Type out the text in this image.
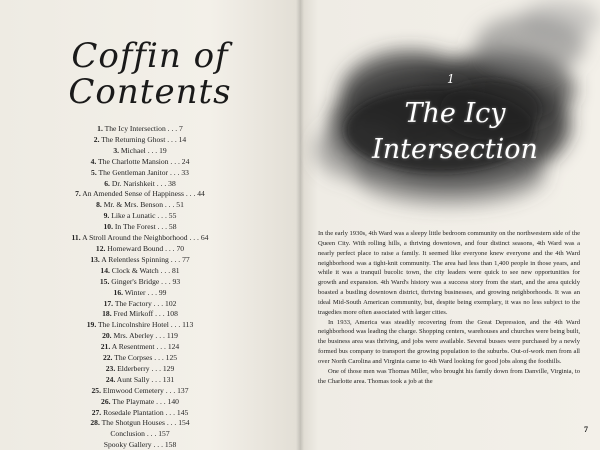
Coffin of
Contents
1. The Icy Intersection . . . 7
2. The Returning Ghost . . . 14
3. Michael . . . 19
4. The Charlotte Mansion . . . 24
5. The Gentleman Janitor . . . 33
6. Dr. Narishkeit . . . 38
7. An Amended Sense of Happiness . . . 44
8. Mr. & Mrs. Benson . . . 51
9. Like a Lunatic . . . 55
10. In The Forest . . . 58
11. A Stroll Around the Neighborhood . . . 64
12. Homeward Bound . . . 70
13. A Relentless Spinning . . . 77
14. Clock & Watch . . . 81
15. Ginger's Bridge . . . 93
16. Winter . . . 99
17. The Factory . . . 102
18. Fred Mirkoff . . . 108
19. The Lincolnshire Hotel . . . 113
20. Mrs. Aberley . . . 119
21. A Resentment . . . 124
22. The Corpses . . . 125
23. Elderberry . . . 129
24. Aunt Sally . . . 131
25. Elmwood Cemetery . . . 137
26. The Playmate . . . 140
27. Rosedale Plantation . . . 145
28. The Shotgun Houses . . . 154
Conclusion . . . 157
Spooky Gallery . . . 158
1
The Icy
Intersection

In the early 1930s, 4th Ward was a sleepy little bedroom community on the northwestern side of the Queen City. With rolling hills, a thriving downtown, and four distinct seasons, 4th Ward was a nearly perfect place to raise a family. It seemed like everyone knew everyone and the 4th Ward neighborhood was a tight-knit community. The area had less than 1,400 people in those years, and while it was a tranquil bucolic town, the city leaders were quick to see new opportunities for growth and expansion. 4th Ward's history was a success story from the start, and the area quickly boasted a bustling downtown district, thriving businesses, and growing neighborhoods. It was an ideal Mid-South American community, but, despite being exemplary, it was no less subject to the tragedies more often associated with larger cities.

In 1933, America was steadily recovering from the Great Depression, and the 4th Ward neighborhood was leading the charge. Shopping centers, warehouses and churches were being built, the business area was thriving, and jobs were available. Several busses were purchased by a newly formed bus company to transport the growing population to the suburbs. Out-of-work men from all over North Carolina and Virginia came to 4th Ward looking for good jobs along the foothills.

One of those men was Thomas Miller, who brought his family down from Danville, Virginia, to the Charlotte area. Thomas took a job at the

7
